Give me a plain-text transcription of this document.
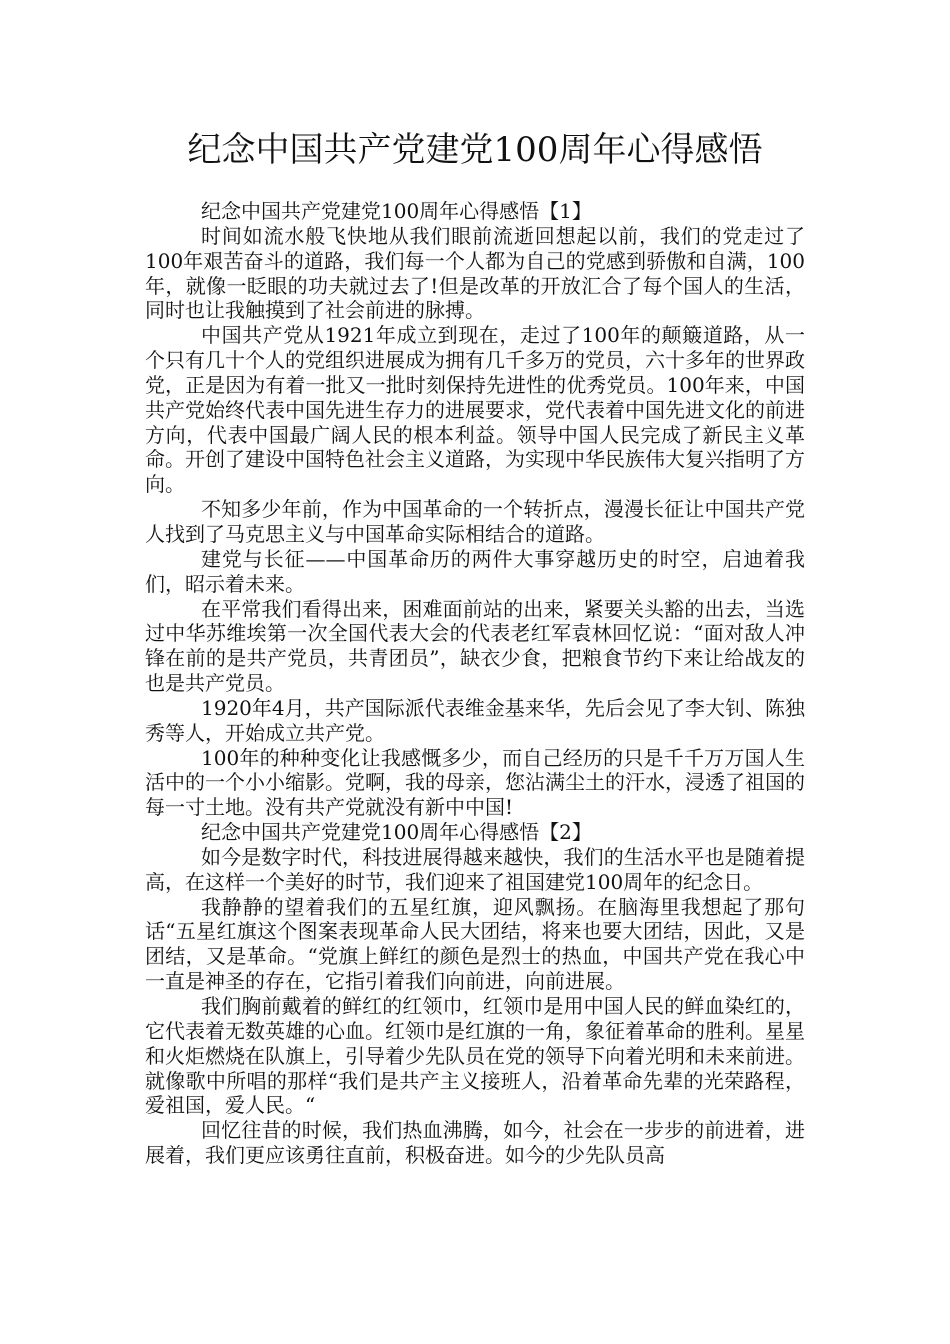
纪念中国共产党建党100周年心得感悟

纪念中国共产党建党100周年心得感悟【1】

时间如流水般飞快地从我们眼前流逝回想起以前，我们的党走过了100年艰苦奋斗的道路，我们每一个人都为自己的党感到骄傲和自满，100年，就像一眨眼的功夫就过去了!但是改革的开放汇合了每个国人的生活，同时也让我触摸到了社会前进的脉搏。

中国共产党从1921年成立到现在，走过了100年的颠簸道路，从一个只有几十个人的党组织进展成为拥有几千多万的党员，六十多年的世界政党，正是因为有着一批又一批时刻保持先进性的优秀党员。100年来，中国共产党始终代表中国先进生存力的进展要求，党代表着中国先进文化的前进方向，代表中国最广阔人民的根本利益。领导中国人民完成了新民主义革命。开创了建设中国特色社会主义道路，为实现中华民族伟大复兴指明了方向。

不知多少年前，作为中国革命的一个转折点，漫漫长征让中国共产党人找到了马克思主义与中国革命实际相结合的道路。

建党与长征——中国革命历的两件大事穿越历史的时空，启迪着我们，昭示着未来。

在平常我们看得出来，困难面前站的出来，紧要关头豁的出去，当选过中华苏维埃第一次全国代表大会的代表老红军袁林回忆说：“面对敌人冲锋在前的是共产党员，共青团员”，缺衣少食，把粮食节约下来让给战友的也是共产党员。

1920年4月，共产国际派代表维金基来华，先后会见了李大钊、陈独秀等人，开始成立共产党。

100年的种种变化让我感慨多少，而自己经历的只是千千万万国人生活中的一个小小缩影。党啊，我的母亲，您沾满尘土的汗水，浸透了祖国的每一寸土地。没有共产党就没有新中中国!

纪念中国共产党建党100周年心得感悟【2】

如今是数字时代，科技进展得越来越快，我们的生活水平也是随着提高，在这样一个美好的时节，我们迎来了祖国建党100周年的纪念日。

我静静的望着我们的五星红旗，迎风飘扬。在脑海里我想起了那句话“五星红旗这个图案表现革命人民大团结，将来也要大团结，因此，又是团结，又是革命。“党旗上鲜红的颜色是烈士的热血，中国共产党在我心中一直是神圣的存在，它指引着我们向前进，向前进展。

我们胸前戴着的鲜红的红领巾，红领巾是用中国人民的鲜血染红的，它代表着无数英雄的心血。红领巾是红旗的一角，象征着革命的胜利。星星和火炬燃烧在队旗上，引导着少先队员在党的领导下向着光明和未来前进。就像歌中所唱的那样“我们是共产主义接班人，沿着革命先辈的光荣路程，爱祖国，爱人民。“

回忆往昔的时候，我们热血沸腾，如今，社会在一步步的前进着，进展着，我们更应该勇往直前，积极奋进。如今的少先队员高
